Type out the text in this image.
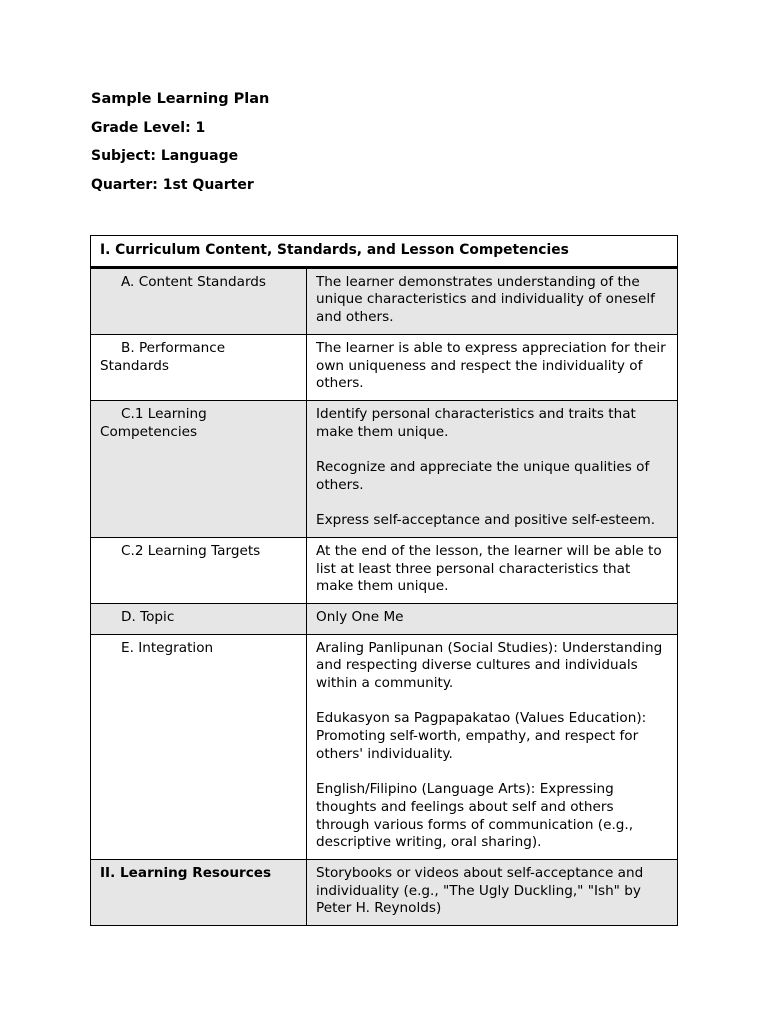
Sample Learning Plan
Grade Level: 1
Subject: Language
Quarter: 1st Quarter
I. Curriculum Content, Standards, and Lesson Competencies	
A. Content Standards	The learner demonstrates understanding of the unique characteristics and individuality of oneself and others.
B. Performance Standards	The learner is able to express appreciation for their own uniqueness and respect the individuality of others.
C.1 Learning Competencies	Identify personal characteristics and traits that make them unique.

Recognize and appreciate the unique qualities of others.

Express self-acceptance and positive self-esteem.

C.2 Learning Targets	At the end of the lesson, the learner will be able to list at least three personal characteristics that make them unique.
D. Topic	Only One Me
E. Integration	Araling Panlipunan (Social Studies): Understanding and respecting diverse cultures and individuals within a community.

Edukasyon sa Pagpapakatao (Values Education): Promoting self-worth, empathy, and respect for others' individuality.

English/Filipino (Language Arts): Expressing thoughts and feelings about self and others through various forms of communication (e.g., descriptive writing, oral sharing).

II. Learning Resources	Storybooks or videos about self-acceptance and individuality (e.g., "The Ugly Duckling," "Ish" by Peter H. Reynolds)
